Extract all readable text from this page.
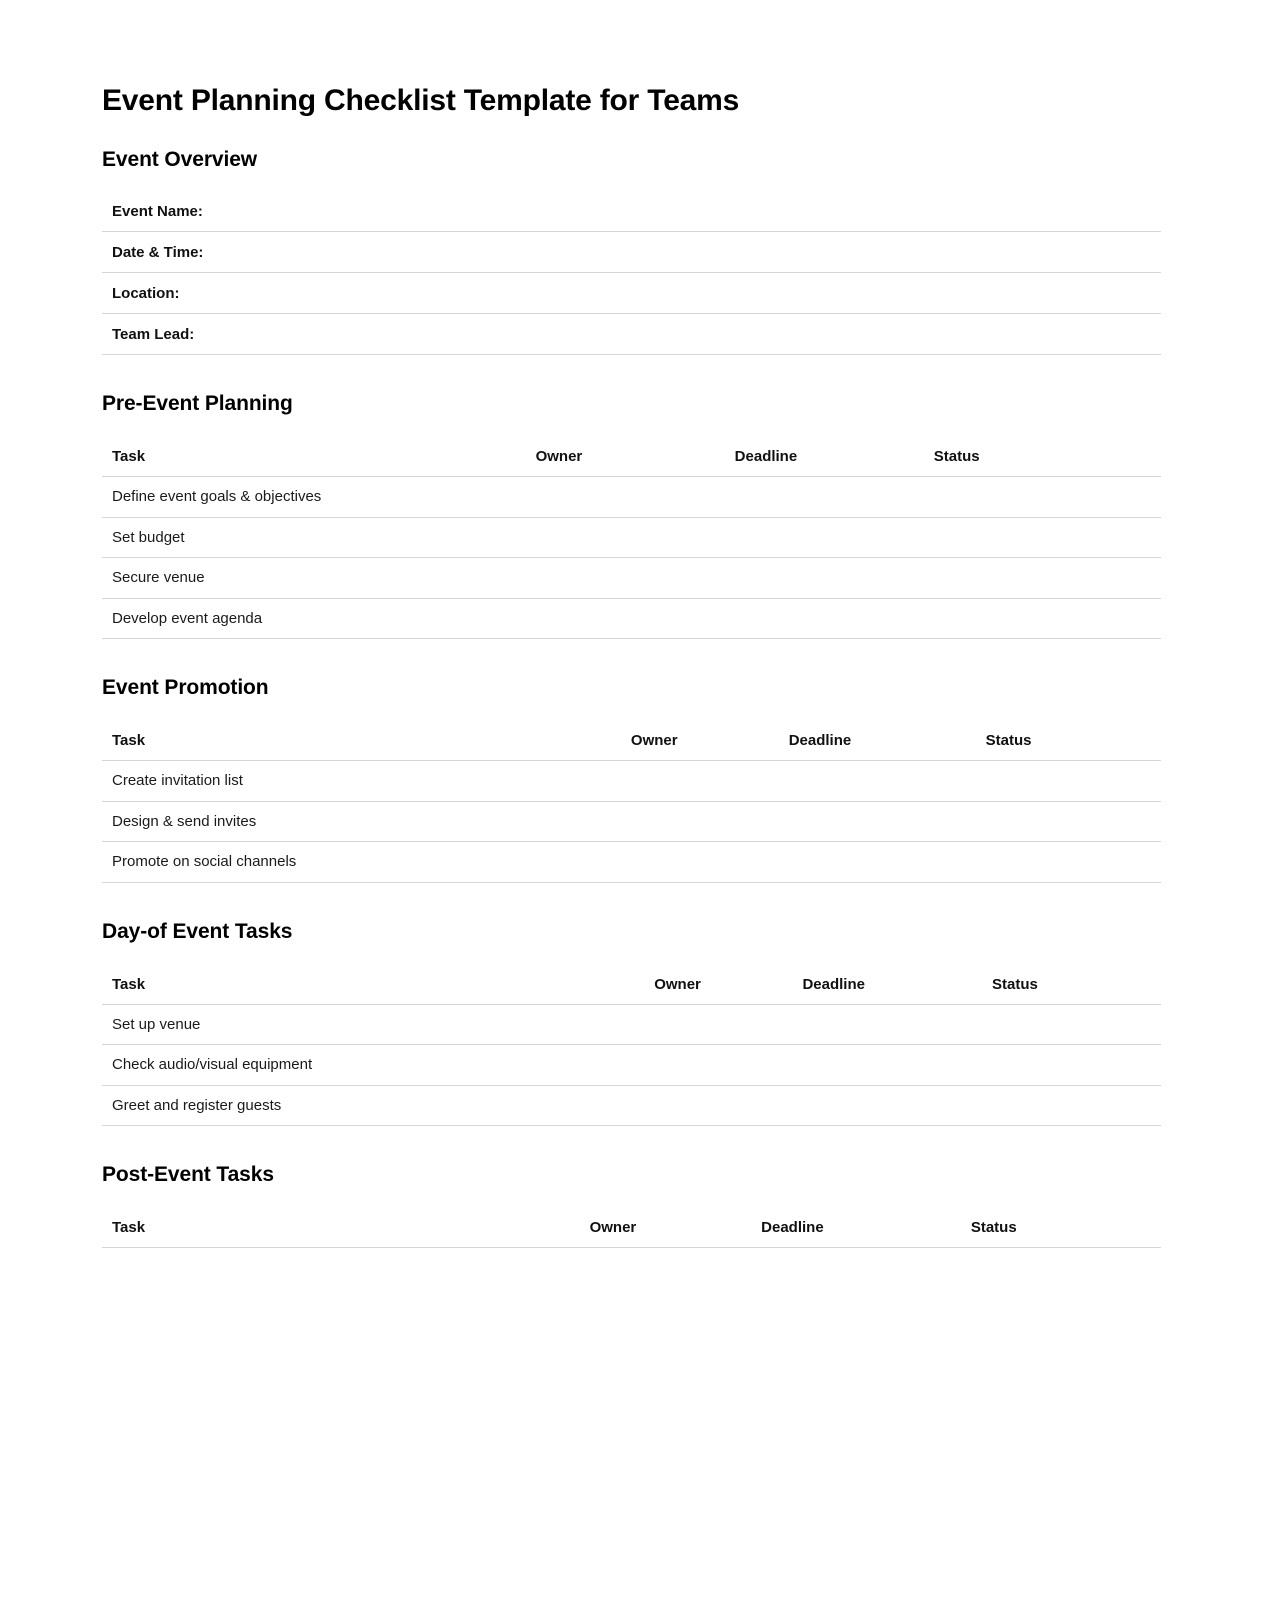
Event Planning Checklist Template for Teams
Event Overview
Event Name:
Date & Time:
Location:
Team Lead:
Pre-Event Planning
Task	Owner	Deadline	Status
Define event goals & objectives
Set budget
Secure venue
Develop event agenda
Event Promotion
Task	Owner	Deadline	Status
Create invitation list
Design & send invites
Promote on social channels
Day-of Event Tasks
Task	Owner	Deadline	Status
Set up venue
Check audio/visual equipment
Greet and register guests
Post-Event Tasks
Task	Owner	Deadline	Status
